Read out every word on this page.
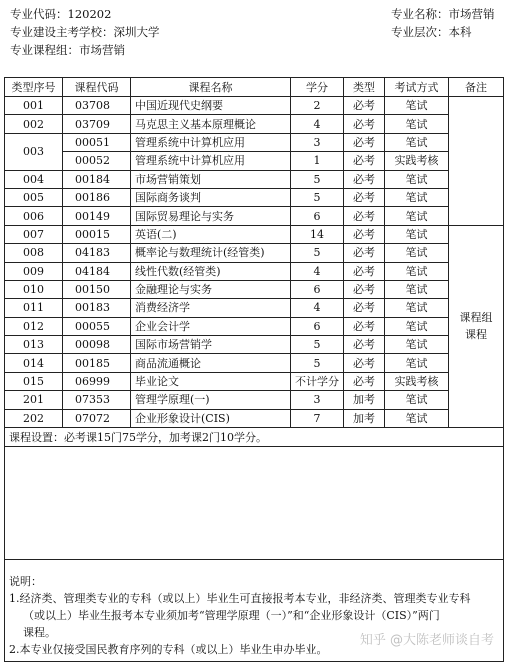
专业代码：120202	专业名称：市场营销
专业建设主考学校：深圳大学	专业层次：本科
专业课程组：市场营销
类型序号	课程代码	课程名称	学分	类型	考试方式	备注
001	03708	中国近现代史纲要	2	必考	笔试	
002	03709	马克思主义基本原理概论	4	必考	笔试	
003	00051	管理系统中计算机应用	3	必考	笔试	
	00052	管理系统中计算机应用	1	必考	实践考核	
004	00184	市场营销策划	5	必考	笔试	
005	00186	国际商务谈判	5	必考	笔试	
006	00149	国际贸易理论与实务	6	必考	笔试	
007	00015	英语(二)	14	必考	笔试	课程组
课程

008	04183	概率论与数理统计(经管类)	5	必考	笔试	
009	04184	线性代数(经管类)	4	必考	笔试	
010	00150	金融理论与实务	6	必考	笔试	
011	00183	消费经济学	4	必考	笔试	
012	00055	企业会计学	6	必考	笔试	
013	00098	国际市场营销学	5	必考	笔试	
014	00185	商品流通概论	5	必考	笔试	
015	06999	毕业论文	不计学分	必考	实践考核	
201	07353	管理学原理(一)	3	加考	笔试	
202	07072	企业形象设计(CIS)	7	加考	笔试	
课程设置：必考课15门75学分，加考课2门10学分。						

说明：
1.经济类、管理类专业的专科（或以上）毕业生可直接报考本专业，非经济类、管理类专业专科
（或以上）毕业生报考本专业须加考“管理学原理（一）”和“企业形象设计（CIS）”两门
课程。
2.本专业仅接受国民教育序列的专科（或以上）毕业生申办毕业。						
知乎 @大陈老师谈自考
